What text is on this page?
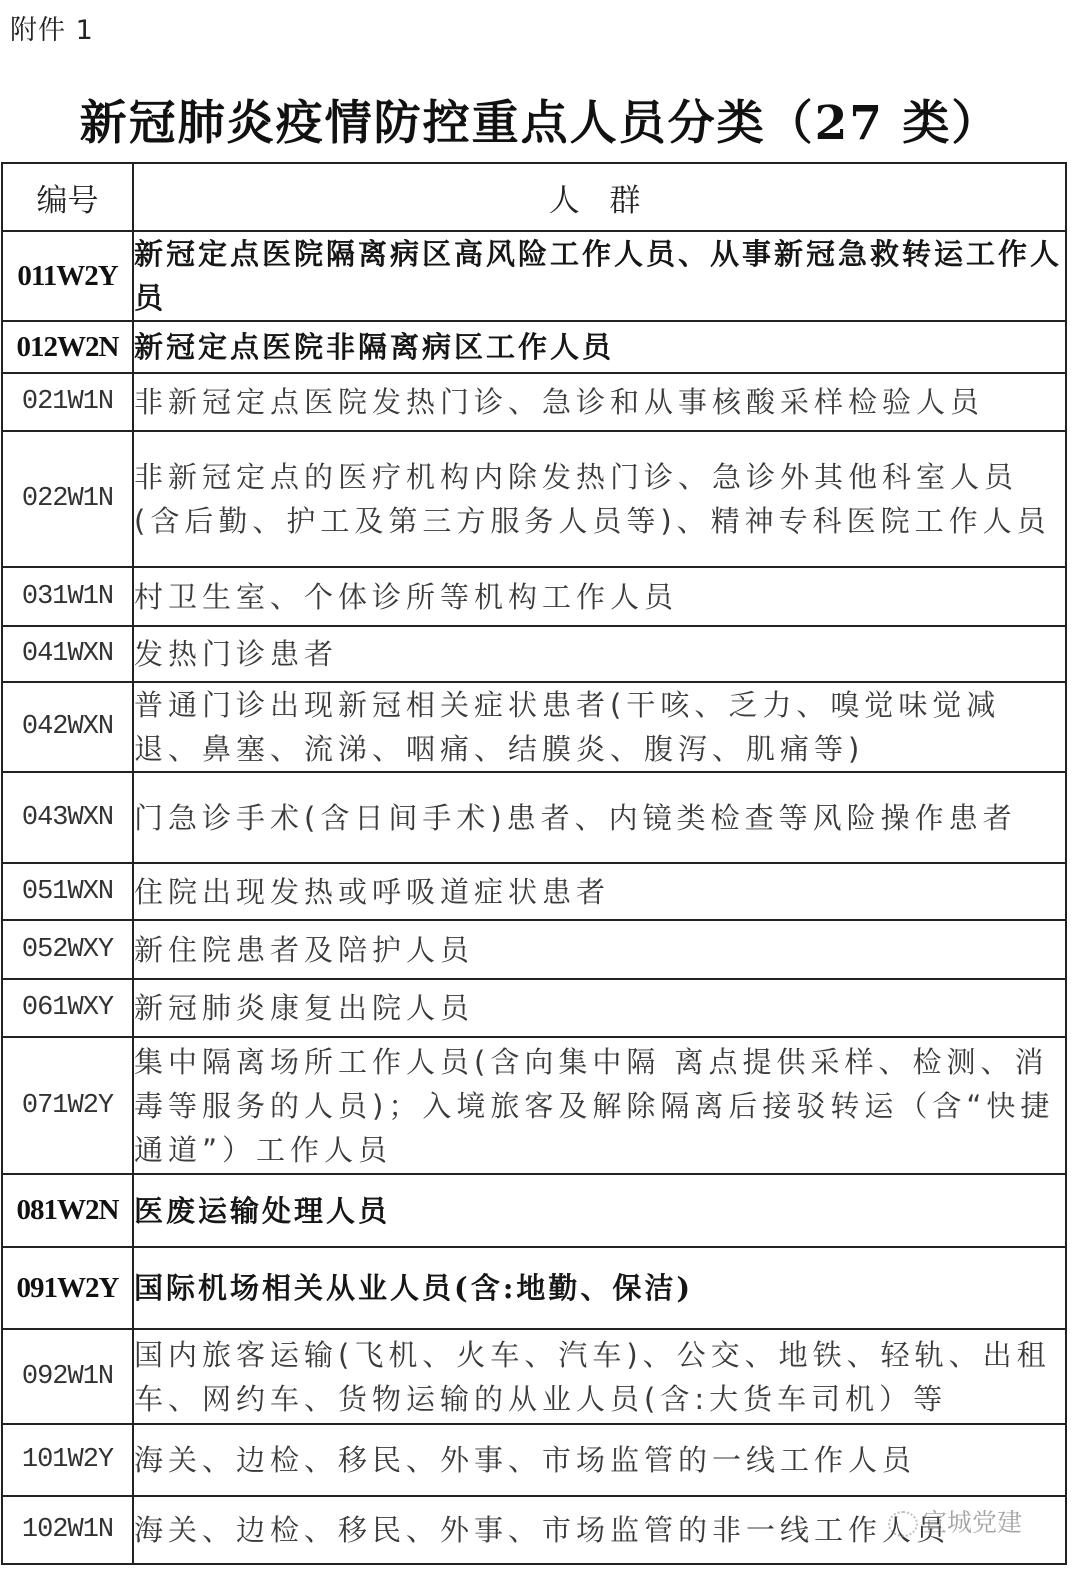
附件 1
新冠肺炎疫情防控重点人员分类（27 类）
编号	人 群
011W2Y	新冠定点医院隔离病区高风险工作人员、从事新冠急救转运工作人员
012W2N	新冠定点医院非隔离病区工作人员
021W1N	非新冠定点医院发热门诊、急诊和从事核酸采样检验人员
022W1N	非新冠定点的医疗机构内除发热门诊、急诊外其他科室人员(含后勤、护工及第三方服务人员等)、精神专科医院工作人员
031W1N	村卫生室、个体诊所等机构工作人员
041WXN	发热门诊患者
042WXN	普通门诊出现新冠相关症状患者(干咳、乏力、嗅觉味觉减退、鼻塞、流涕、咽痛、结膜炎、腹泻、肌痛等)
043WXN	门急诊手术(含日间手术)患者、内镜类检查等风险操作患者
051WXN	住院出现发热或呼吸道症状患者
052WXY	新住院患者及陪护人员
061WXY	新冠肺炎康复出院人员
071W2Y	集中隔离场所工作人员(含向集中隔 离点提供采样、检测、消毒等服务的人员)；入境旅客及解除隔离后接驳转运（含“快捷通道”）工作人员
081W2N	医废运输处理人员
091W2Y	国际机场相关从业人员(含:地勤、保洁)
092W1N	国内旅客运输(飞机、火车、汽车)、公交、地铁、轻轨、出租车、网约车、货物运输的从业人员(含:大货车司机）等
101W2Y	海关、边检、移民、外事、市场监管的一线工作人员
102W1N	海关、边检、移民、外事、市场监管的非一线工作人员
宣城党建
